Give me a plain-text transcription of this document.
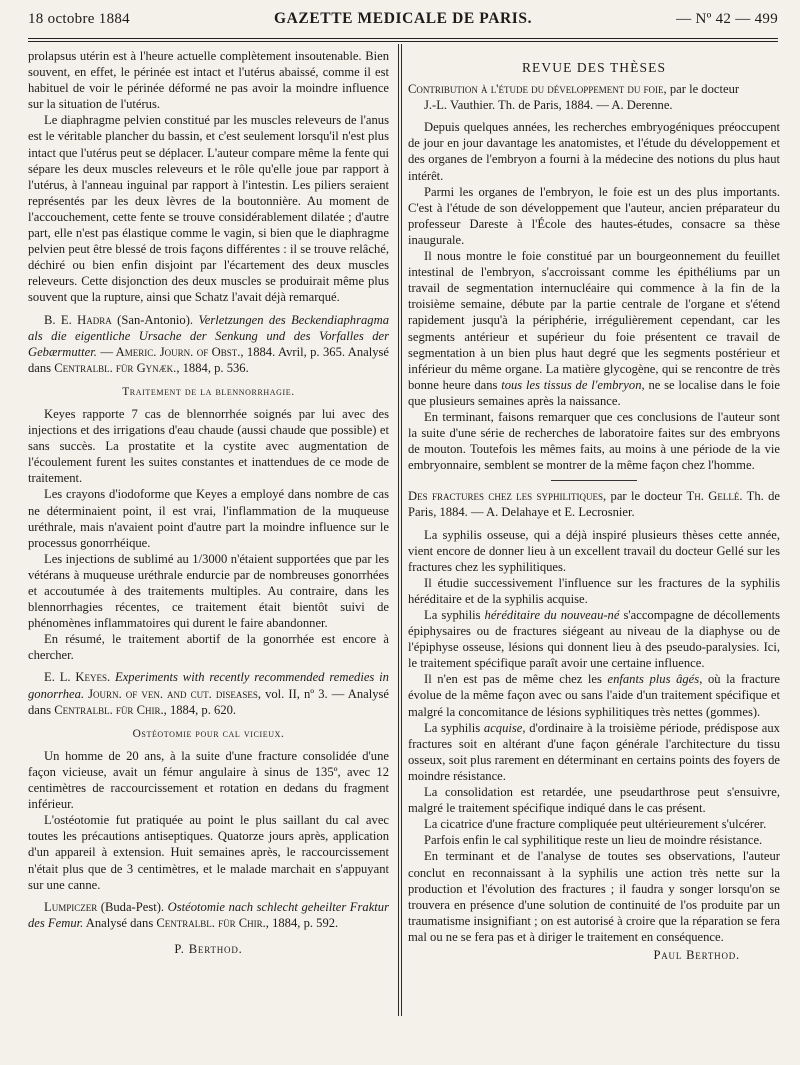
18 octobre 1884	GAZETTE MEDICALE DE PARIS.	— Nº 42 — 499

prolapsus utérin est à l'heure actuelle complètement insoutenable. Bien souvent, en effet, le périnée est intact et l'utérus abaissé, comme il est habituel de voir le périnée déformé ne pas avoir la moindre influence sur la situation de l'utérus.

Le diaphragme pelvien constitué par les muscles releveurs de l'anus est le véritable plancher du bassin, et c'est seulement lorsqu'il n'est plus intact que l'utérus peut se déplacer. L'auteur compare même la fente qui sépare les deux muscles releveurs et le rôle qu'elle joue par rapport à l'utérus, à l'anneau inguinal par rapport à l'intestin. Les piliers seraient représentés par les deux lèvres de la boutonnière. Au moment de l'accouchement, cette fente se trouve considérablement dilatée ; d'autre part, elle n'est pas élastique comme le vagin, si bien que le diaphragme pelvien peut être blessé de trois façons différentes : il se trouve relâché, déchiré ou bien enfin disjoint par l'écartement des deux muscles releveurs. Cette disjonction des deux muscles se produirait même plus souvent que la rupture, ainsi que Schatz l'avait déjà remarqué.

B. E. Hadra (San-Antonio). Verletzungen des Beckendiaphragma als die eigentliche Ursache der Senkung und des Vorfalles der Gebærmutter. — Americ. Journ. of Obst., 1884. Avril, p. 365. Analysé dans Centralbl. für Gynæk., 1884, p. 536.

Traitement de la blennorrhagie.

Keyes rapporte 7 cas de blennorrhée soignés par lui avec des injections et des irrigations d'eau chaude (aussi chaude que possible) et sans succès. La prostatite et la cystite avec augmentation de l'écoulement furent les suites constantes et inattendues de ce mode de traitement.

Les crayons d'iodoforme que Keyes a employé dans nombre de cas ne déterminaient point, il est vrai, l'inflammation de la muqueuse uréthrale, mais n'avaient point d'autre part la moindre influence sur le processus gonorrhéique.

Les injections de sublimé au 1/3000 n'étaient supportées que par les vétérans à muqueuse uréthrale endurcie par de nombreuses gonorrhées et accoutumée à des traitements multiples. Au contraire, dans les blennorrhagies récentes, ce traitement était bientôt suivi de phénomènes inflammatoires qui durent le faire abandonner.

En résumé, le traitement abortif de la gonorrhée est encore à chercher.

E. L. Keyes. Experiments with recently recommended remedies in gonorrhea. Journ. of ven. and cut. diseases, vol. II, nº 3. — Analysé dans Centralbl. für Chir., 1884, p. 620.

Ostéotomie pour cal vicieux.

Un homme de 20 ans, à la suite d'une fracture consolidée d'une façon vicieuse, avait un fémur angulaire à sinus de 135º, avec 12 centimètres de raccourcissement et rotation en dedans du fragment inférieur.

L'ostéotomie fut pratiquée au point le plus saillant du cal avec toutes les précautions antiseptiques. Quatorze jours après, application d'un appareil à extension. Huit semaines après, le raccourcissement n'était plus que de 3 centimètres, et le malade marchait en s'appuyant sur une canne.

Lumpiczer (Buda-Pest). Ostéotomie nach schlecht geheilter Fraktur des Femur. Analysé dans Centralbl. für Chir., 1884, p. 592.

P. Berthod.
REVUE DES THÈSES

Contribution à l'étude du développement du foie, par le docteur
J.-L. Vauthier. Th. de Paris, 1884. — A. Derenne.

Depuis quelques années, les recherches embryogéniques préoccupent de jour en jour davantage les anatomistes, et l'étude du développement et des organes de l'embryon a fourni à la médecine des notions du plus haut intérêt.

Parmi les organes de l'embryon, le foie est un des plus importants. C'est à l'étude de son développement que l'auteur, ancien préparateur du professeur Dareste à l'École des hautes-études, consacre sa thèse inaugurale.

Il nous montre le foie constitué par un bourgeonnement du feuillet intestinal de l'embryon, s'accroissant comme les épithéliums par un travail de segmentation internucléaire qui commence à la fin de la troisième semaine, débute par la partie centrale de l'organe et s'étend rapidement jusqu'à la périphérie, irrégulièrement cependant, car les segments antérieur et supérieur du foie présentent ce travail de segmentation à un bien plus haut degré que les segments postérieur et inférieur du même organe. La matière glycogène, qui se rencontre de très bonne heure dans tous les tissus de l'embryon, ne se localise dans le foie que plusieurs semaines après la naissance.

En terminant, faisons remarquer que ces conclusions de l'auteur sont la suite d'une série de recherches de laboratoire faites sur des embryons de mouton. Toutefois les mêmes faits, au moins à une période de la vie embryonnaire, semblent se montrer de la même façon chez l'homme.

Des fractures chez les syphilitiques, par le docteur Th. Gellé. Th. de Paris, 1884. — A. Delahaye et E. Lecrosnier.

La syphilis osseuse, qui a déjà inspiré plusieurs thèses cette année, vient encore de donner lieu à un excellent travail du docteur Gellé sur les fractures chez les syphilitiques.

Il étudie successivement l'influence sur les fractures de la syphilis héréditaire et de la syphilis acquise.

La syphilis héréditaire du nouveau-né s'accompagne de décollements épiphysaires ou de fractures siégeant au niveau de la diaphyse ou de l'épiphyse osseuse, lésions qui donnent lieu à des pseudo-paralysies. Ici, le traitement spécifique paraît avoir une certaine influence.

Il n'en est pas de même chez les enfants plus âgés, où la fracture évolue de la même façon avec ou sans l'aide d'un traitement spécifique et malgré la concomitance de lésions syphilitiques très nettes (gommes).

La syphilis acquise, d'ordinaire à la troisième période, prédispose aux fractures soit en altérant d'une façon générale l'architecture du tissu osseux, soit plus rarement en déterminant en certains points des foyers de moindre résistance.

La consolidation est retardée, une pseudarthrose peut s'ensuivre, malgré le traitement spécifique indiqué dans le cas présent.

La cicatrice d'une fracture compliquée peut ultérieurement s'ulcérer.

Parfois enfin le cal syphilitique reste un lieu de moindre résistance.

En terminant et de l'analyse de toutes ses observations, l'auteur conclut en reconnaissant à la syphilis une action très nette sur la production et l'évolution des fractures ; il faudra y songer lorsqu'on se trouvera en présence d'une solution de continuité de l'os produite par un traumatisme insignifiant ; on est autorisé à croire que la réparation se fera mal ou ne se fera pas et à diriger le traitement en conséquence.

Paul Berthod.
